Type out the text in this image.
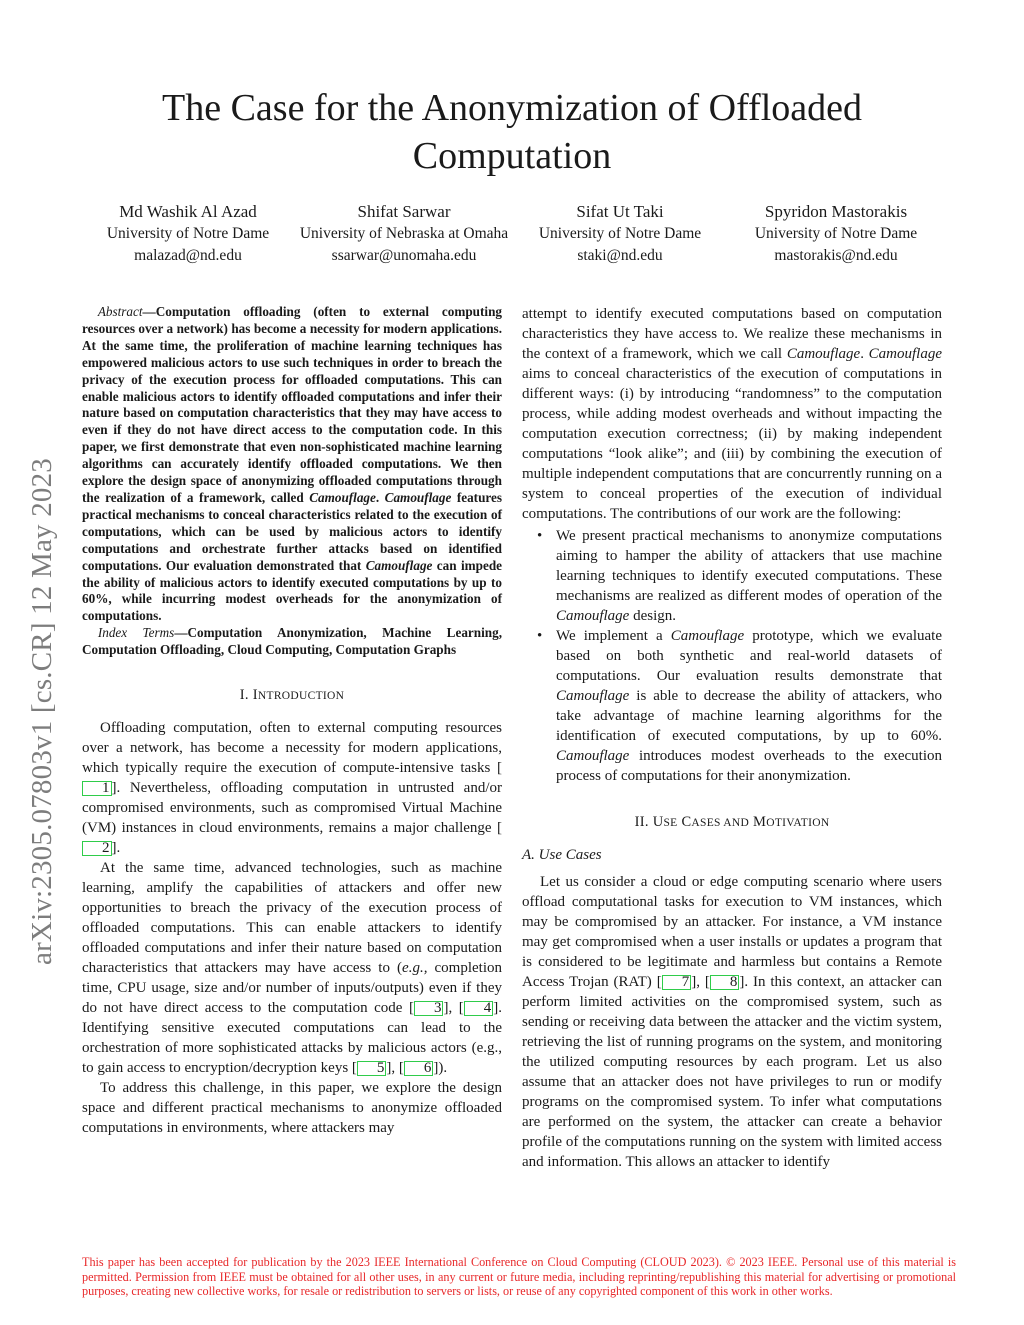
arXiv:2305.07803v1 [cs.CR] 12 May 2023
The Case for the Anonymization of Offloaded Computation
Md Washik Al Azad
University of Notre Dame
malazad@nd.edu
Shifat Sarwar
University of Nebraska at Omaha
ssarwar@unomaha.edu
Sifat Ut Taki
University of Notre Dame
staki@nd.edu
Spyridon Mastorakis
University of Notre Dame
mastorakis@nd.edu

Abstract—Computation offloading (often to external computing resources over a network) has become a necessity for modern applications. At the same time, the proliferation of machine learning techniques has empowered malicious actors to use such techniques in order to breach the privacy of the execution process for offloaded computations. This can enable malicious actors to identify offloaded computations and infer their nature based on computation characteristics that they may have access to even if they do not have direct access to the computation code. In this paper, we first demonstrate that even non-sophisticated machine learning algorithms can accurately identify offloaded computations. We then explore the design space of anonymizing offloaded computations through the realization of a framework, called Camouflage. Camouflage features practical mechanisms to conceal characteristics related to the execution of computations, which can be used by malicious actors to identify computations and orchestrate further attacks based on identified computations. Our evaluation demonstrated that Camouflage can impede the ability of malicious actors to identify executed computations by up to 60%, while incurring modest overheads for the anonymization of computations.

Index Terms—Computation Anonymization, Machine Learning, Computation Offloading, Cloud Computing, Computation Graphs

I. INTRODUCTION

Offloading computation, often to external computing resources over a network, has become a necessity for modern applications, which typically require the execution of compute-intensive tasks [1 ]. Nevertheless, offloading computation in untrusted and/or compromised environments, such as compromised Virtual Machine (VM) instances in cloud environments, remains a major challenge [2 ].

At the same time, advanced technologies, such as machine learning, amplify the capabilities of attackers and offer new opportunities to breach the privacy of the execution process of offloaded computations. This can enable attackers to identify offloaded computations and infer their nature based on computation characteristics that attackers may have access to (e.g., completion time, CPU usage, size and/or number of inputs/outputs) even if they do not have direct access to the computation code [ 3 ], [ 4 ]. Identifying sensitive executed computations can lead to the orchestration of more sophisticated attacks by malicious actors (e.g., to gain access to encryption/decryption keys [ 5 ], [ 6 ]).

To address this challenge, in this paper, we explore the design space and different practical mechanisms to anonymize offloaded computations in environments, where attackers may

attempt to identify executed computations based on computation characteristics they have access to. We realize these mechanisms in the context of a framework, which we call Camouflage. Camouflage aims to conceal characteristics of the execution of computations in different ways: (i) by introducing “randomness” to the computation process, while adding modest overheads and without impacting the computation execution correctness; (ii) by making independent computations “look alike”; and (iii) by combining the execution of multiple independent computations that are concurrently running on a system to conceal properties of the execution of individual computations. The contributions of our work are the following:

• We present practical mechanisms to anonymize computations aiming to hamper the ability of attackers that use machine learning techniques to identify executed computations. These mechanisms are realized as different modes of operation of the Camouflage design.
• We implement a Camouflage prototype, which we evaluate based on both synthetic and real-world datasets of computations. Our evaluation results demonstrate that Camouflage is able to decrease the ability of attackers, who take advantage of machine learning algorithms for the identification of executed computations, by up to 60%. Camouflage introduces modest overheads to the execution process of computations for their anonymization.
II. USE CASES AND MOTIVATION
A. Use Cases

Let us consider a cloud or edge computing scenario where users offload computational tasks for execution to VM instances, which may be compromised by an attacker. For instance, a VM instance may get compromised when a user installs or updates a program that is considered to be legitimate and harmless but contains a Remote Access Trojan (RAT) [ 7 ], [ 8 ]. In this context, an attacker can perform limited activities on the compromised system, such as sending or receiving data between the attacker and the victim system, retrieving the list of running programs on the system, and monitoring the utilized computing resources by each program. Let us also assume that an attacker does not have privileges to run or modify programs on the compromised system. To infer what computations are performed on the system, the attacker can create a behavior profile of the computations running on the system with limited access and information. This allows an attacker to identify

This paper has been accepted for publication by the 2023 IEEE International Conference on Cloud Computing (CLOUD 2023). © 2023 IEEE. Personal use of this material is permitted. Permission from IEEE must be obtained for all other uses, in any current or future media, including reprinting/republishing this material for advertising or promotional purposes, creating new collective works, for resale or redistribution to servers or lists, or reuse of any copyrighted component of this work in other works.
